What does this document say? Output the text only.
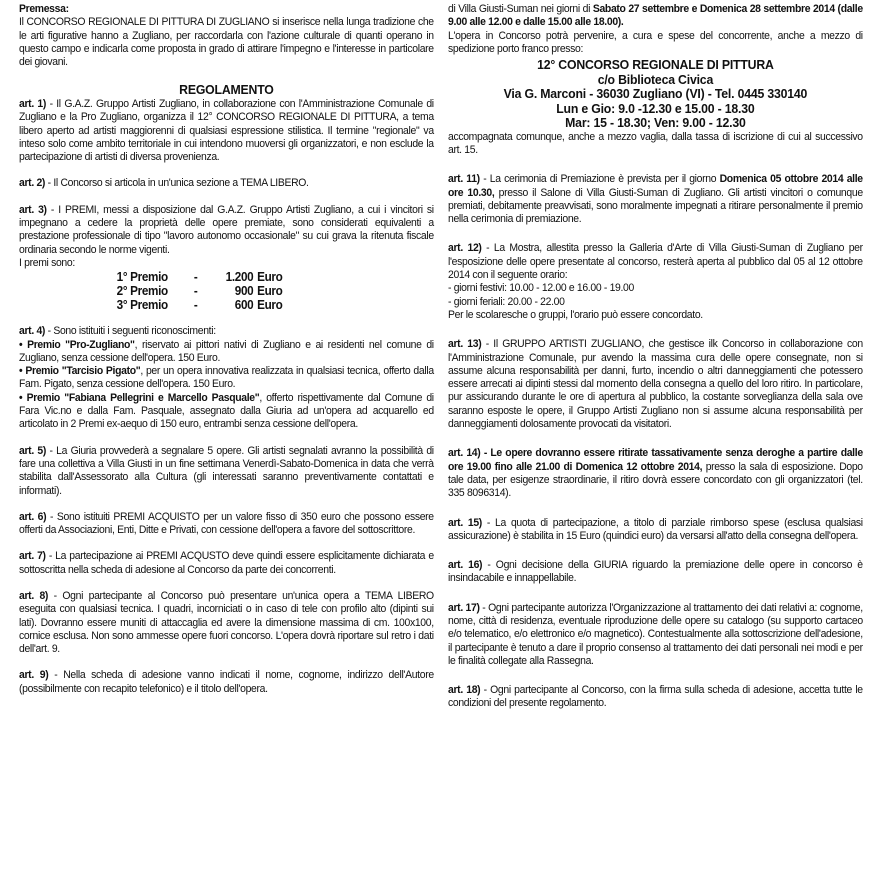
Premessa:

Il CONCORSO REGIONALE DI PITTURA DI ZUGLIANO si inserisce nella lunga tradizione che le arti figurative hanno a Zugliano, per raccordarla con l'azione culturale di quanti operano in questo campo e indicarla come proposta in grado di attirare l'impegno e l'interesse in particolare dei giovani.

REGOLAMENTO

art. 1) - Il G.A.Z. Gruppo Artisti Zugliano, in collaborazione con l'Amministrazione Comunale di Zugliano e la Pro Zugliano, organizza il 12° CONCORSO REGIONALE DI PITTURA, a tema libero aperto ad artisti maggiorenni di qualsiasi espressione stilistica. Il termine "regionale" va inteso solo come ambito territoriale in cui intendono muoversi gli organizzatori, e non esclude la partecipazione di artisti di diversa provenienza.

art. 2) - Il Concorso si articola in un'unica sezione a TEMA LIBERO.

art. 3) - I PREMI, messi a disposizione dal G.A.Z. Gruppo Artisti Zugliano, a cui i vincitori si impegnano a cedere la proprietà delle opere premiate, sono considerati equivalenti a prestazione professionale di tipo "lavoro autonomo occasionale" su cui grava la ritenuta fiscale ordinaria secondo le norme vigenti.

I premi sono:

1° Premio	-	1.200 Euro
2° Premio	-	900 Euro
3° Premio	-	600 Euro

art. 4) - Sono istituiti i seguenti riconoscimenti:

• Premio "Pro-Zugliano", riservato ai pittori nativi di Zugliano e ai residenti nel comune di Zugliano, senza cessione dell'opera. 150 Euro.

• Premio "Tarcisio Pigato", per un opera innovativa realizzata in qualsiasi tecnica, offerto dalla Fam. Pigato, senza cessione dell'opera. 150 Euro.

• Premio "Fabiana Pellegrini e Marcello Pasquale", offerto rispettivamente dal Comune di Fara Vic.no e dalla Fam. Pasquale, assegnato dalla Giuria ad un'opera ad acquarello ed articolato in 2 Premi ex-aequo di 150 euro, entrambi senza cessione dell'opera.

art. 5) - La Giuria provvederà a segnalare 5 opere. Gli artisti segnalati avranno la possibilità di fare una collettiva a Villa Giusti in un fine settimana Venerdì-Sabato-Domenica in data che verrà stabilita dall'Assessorato alla Cultura (gli interessati saranno preventivamente contattati e informati).

art. 6) - Sono istituiti PREMI ACQUISTO per un valore fisso di 350 euro che possono essere offerti da Associazioni, Enti, Ditte e Privati, con cessione dell'opera a favore del sottoscrittore.

art. 7) - La partecipazione ai PREMI ACQUSTO deve quindi essere esplicitamente dichiarata e sottoscritta nella scheda di adesione al Concorso da parte dei concorrenti.

art. 8) - Ogni partecipante al Concorso può presentare un'unica opera a TEMA LIBERO eseguita con qualsiasi tecnica. I quadri, incorniciati o in caso di tele con profilo alto (dipinti sui lati). Dovranno essere muniti di attaccaglia ed avere la dimensione massima di cm. 100x100, cornice esclusa. Non sono ammesse opere fuori concorso. L'opera dovrà riportare sul retro i dati dell'art. 9.

art. 9) - Nella scheda di adesione vanno indicati il nome, cognome, indirizzo dell'Autore (possibilmente con recapito telefonico) e il titolo dell'opera.

di Villa Giusti-Suman nei giorni di Sabato 27 settembre e Domenica 28 settembre 2014 (dalle 9.00 alle 12.00 e dalle 15.00 alle 18.00).

L'opera in Concorso potrà pervenire, a cura e spese del concorrente, anche a mezzo di spedizione porto franco presso:

12° CONCORSO REGIONALE DI PITTURA

c/o Biblioteca Civica

Via G. Marconi - 36030 Zugliano (VI) - Tel. 0445 330140

Lun e Gio: 9.0 -12.30 e 15.00 - 18.30

Mar: 15 - 18.30; Ven: 9.00 - 12.30

accompagnata comunque, anche a mezzo vaglia, dalla tassa di iscrizione di cui al successivo art. 15.

art. 11) - La cerimonia di Premiazione è prevista per il giorno Domenica 05 ottobre 2014 alle ore 10.30, presso il Salone di Villa Giusti-Suman di Zugliano. Gli artisti vincitori o comunque premiati, debitamente preavvisati, sono moralmente impegnati a ritirare personalmente il premio nella cerimonia di premiazione.

art. 12) - La Mostra, allestita presso la Galleria d'Arte di Villa Giusti-Suman di Zugliano per l'esposizione delle opere presentate al concorso, resterà aperta al pubblico dal 05 al 12 ottobre 2014 con il seguente orario:

- giorni festivi: 10.00 - 12.00 e 16.00 - 19.00

- giorni feriali: 20.00 - 22.00

Per le scolaresche o gruppi, l'orario può essere concordato.

art. 13) - Il GRUPPO ARTISTI ZUGLIANO, che gestisce ilk Concorso in collaborazione con l'Amministrazione Comunale, pur avendo la massima cura delle opere consegnate, non si assume alcuna responsabilità per danni, furto, incendio o altri danneggiamenti che potessero essere arrecati ai dipinti stessi dal momento della consegna a quello del loro ritiro. In particolare, pur assicurando durante le ore di apertura al pubblico, la costante sorveglianza della sala ove saranno esposte le opere, il Gruppo Artisti Zugliano non si assume alcuna responsabilità per danneggiamenti dolosamente provocati da visitatori.

art. 14) - Le opere dovranno essere ritirate tassativamente senza deroghe a partire dalle ore 19.00 fino alle 21.00 di Domenica 12 ottobre 2014, presso la sala di esposizione. Dopo tale data, per esigenze straordinarie, il ritiro dovrà essere concordato con gli organizzatori (tel. 335 8096314).

art. 15) - La quota di partecipazione, a titolo di parziale rimborso spese (esclusa qualsiasi assicurazione) è stabilita in 15 Euro (quindici euro) da versarsi all'atto della consegna dell'opera.

art. 16) - Ogni decisione della GIURIA riguardo la premiazione delle opere in concorso è insindacabile e innappellabile.

art. 17) - Ogni partecipante autorizza l'Organizzazione al trattamento dei dati relativi a: cognome, nome, città di residenza, eventuale riproduzione delle opere su catalogo (su supporto cartaceo e/o telematico, e/o elettronico e/o magnetico). Contestualmente alla sottoscrizione dell'adesione, il partecipante è tenuto a dare il proprio consenso al trattamento dei dati personali nei modi e per le finalità collegate alla Rassegna.

art. 18) - Ogni partecipante al Concorso, con la firma sulla scheda di adesione, accetta tutte le condizioni del presente regolamento.
